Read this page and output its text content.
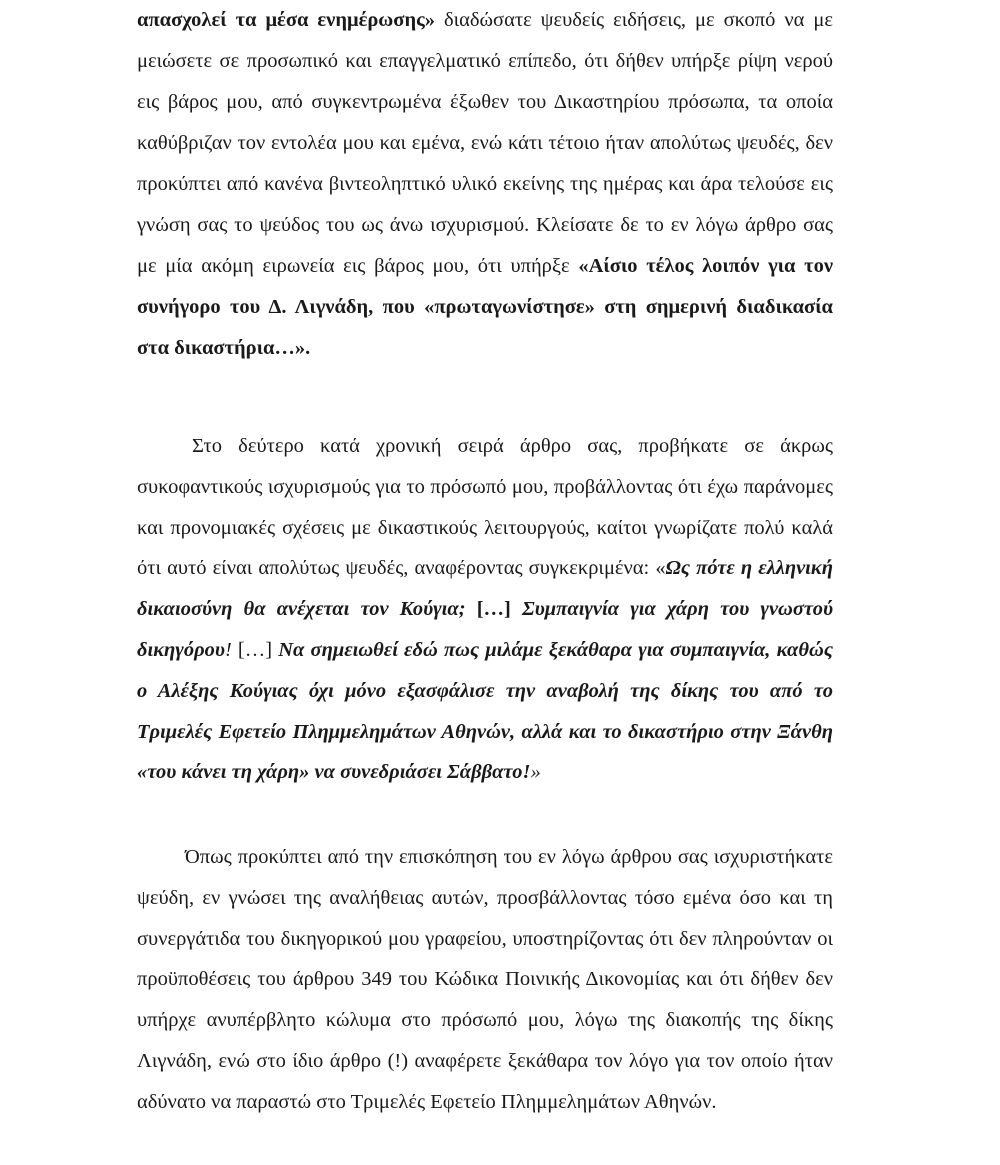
απασχολεί τα μέσα ενημέρωσης» διαδώσατε ψευδείς ειδήσεις, με σκοπό να με μειώσετε σε προσωπικό και επαγγελματικό επίπεδο, ότι δήθεν υπήρξε ρίψη νερού εις βάρος μου, από συγκεντρωμένα έξωθεν του Δικαστηρίου πρόσωπα, τα οποία καθύβριζαν τον εντολέα μου και εμένα, ενώ κάτι τέτοιο ήταν απολύτως ψευδές, δεν προκύπτει από κανένα βιντεοληπτικό υλικό εκείνης της ημέρας και άρα τελούσε εις γνώση σας το ψεύδος του ως άνω ισχυρισμού. Κλείσατε δε το εν λόγω άρθρο σας με μία ακόμη ειρωνεία εις βάρος μου, ότι υπήρξε «Αίσιο τέλος λοιπόν για τον συνήγορο του Δ. Λιγνάδη, που «πρωταγωνίστησε» στη σημερινή διαδικασία στα δικαστήρια…».

Στο δεύτερο κατά χρονική σειρά άρθρο σας, προβήκατε σε άκρως συκοφαντικούς ισχυρισμούς για το πρόσωπό μου, προβάλλοντας ότι έχω παράνομες και προνομιακές σχέσεις με δικαστικούς λειτουργούς, καίτοι γνωρίζατε πολύ καλά ότι αυτό είναι απολύτως ψευδές, αναφέροντας συγκεκριμένα: «Ως πότε η ελληνική δικαιοσύνη θα ανέχεται τον Κούγια; […] Συμπαιγνία για χάρη του γνωστού δικηγόρου! […] Να σημειωθεί εδώ πως μιλάμε ξεκάθαρα για συμπαιγνία, καθώς ο Αλέξης Κούγιας όχι μόνο εξασφάλισε την αναβολή της δίκης του από το Τριμελές Εφετείο Πλημμελημάτων Αθηνών, αλλά και το δικαστήριο στην Ξάνθη «του κάνει τη χάρη» να συνεδριάσει Σάββατο!»

Όπως προκύπτει από την επισκόπηση του εν λόγω άρθρου σας ισχυριστήκατε ψεύδη, εν γνώσει της αναλήθειας αυτών, προσβάλλοντας τόσο εμένα όσο και τη συνεργάτιδα του δικηγορικού μου γραφείου, υποστηρίζοντας ότι δεν πληρούνταν οι προϋποθέσεις του άρθρου 349 του Κώδικα Ποινικής Δικονομίας και ότι δήθεν δεν υπήρχε ανυπέρβλητο κώλυμα στο πρόσωπό μου, λόγω της διακοπής της δίκης Λιγνάδη, ενώ στο ίδιο άρθρο (!) αναφέρετε ξεκάθαρα τον λόγο για τον οποίο ήταν αδύνατο να παραστώ στο Τριμελές Εφετείο Πλημμελημάτων Αθηνών.
